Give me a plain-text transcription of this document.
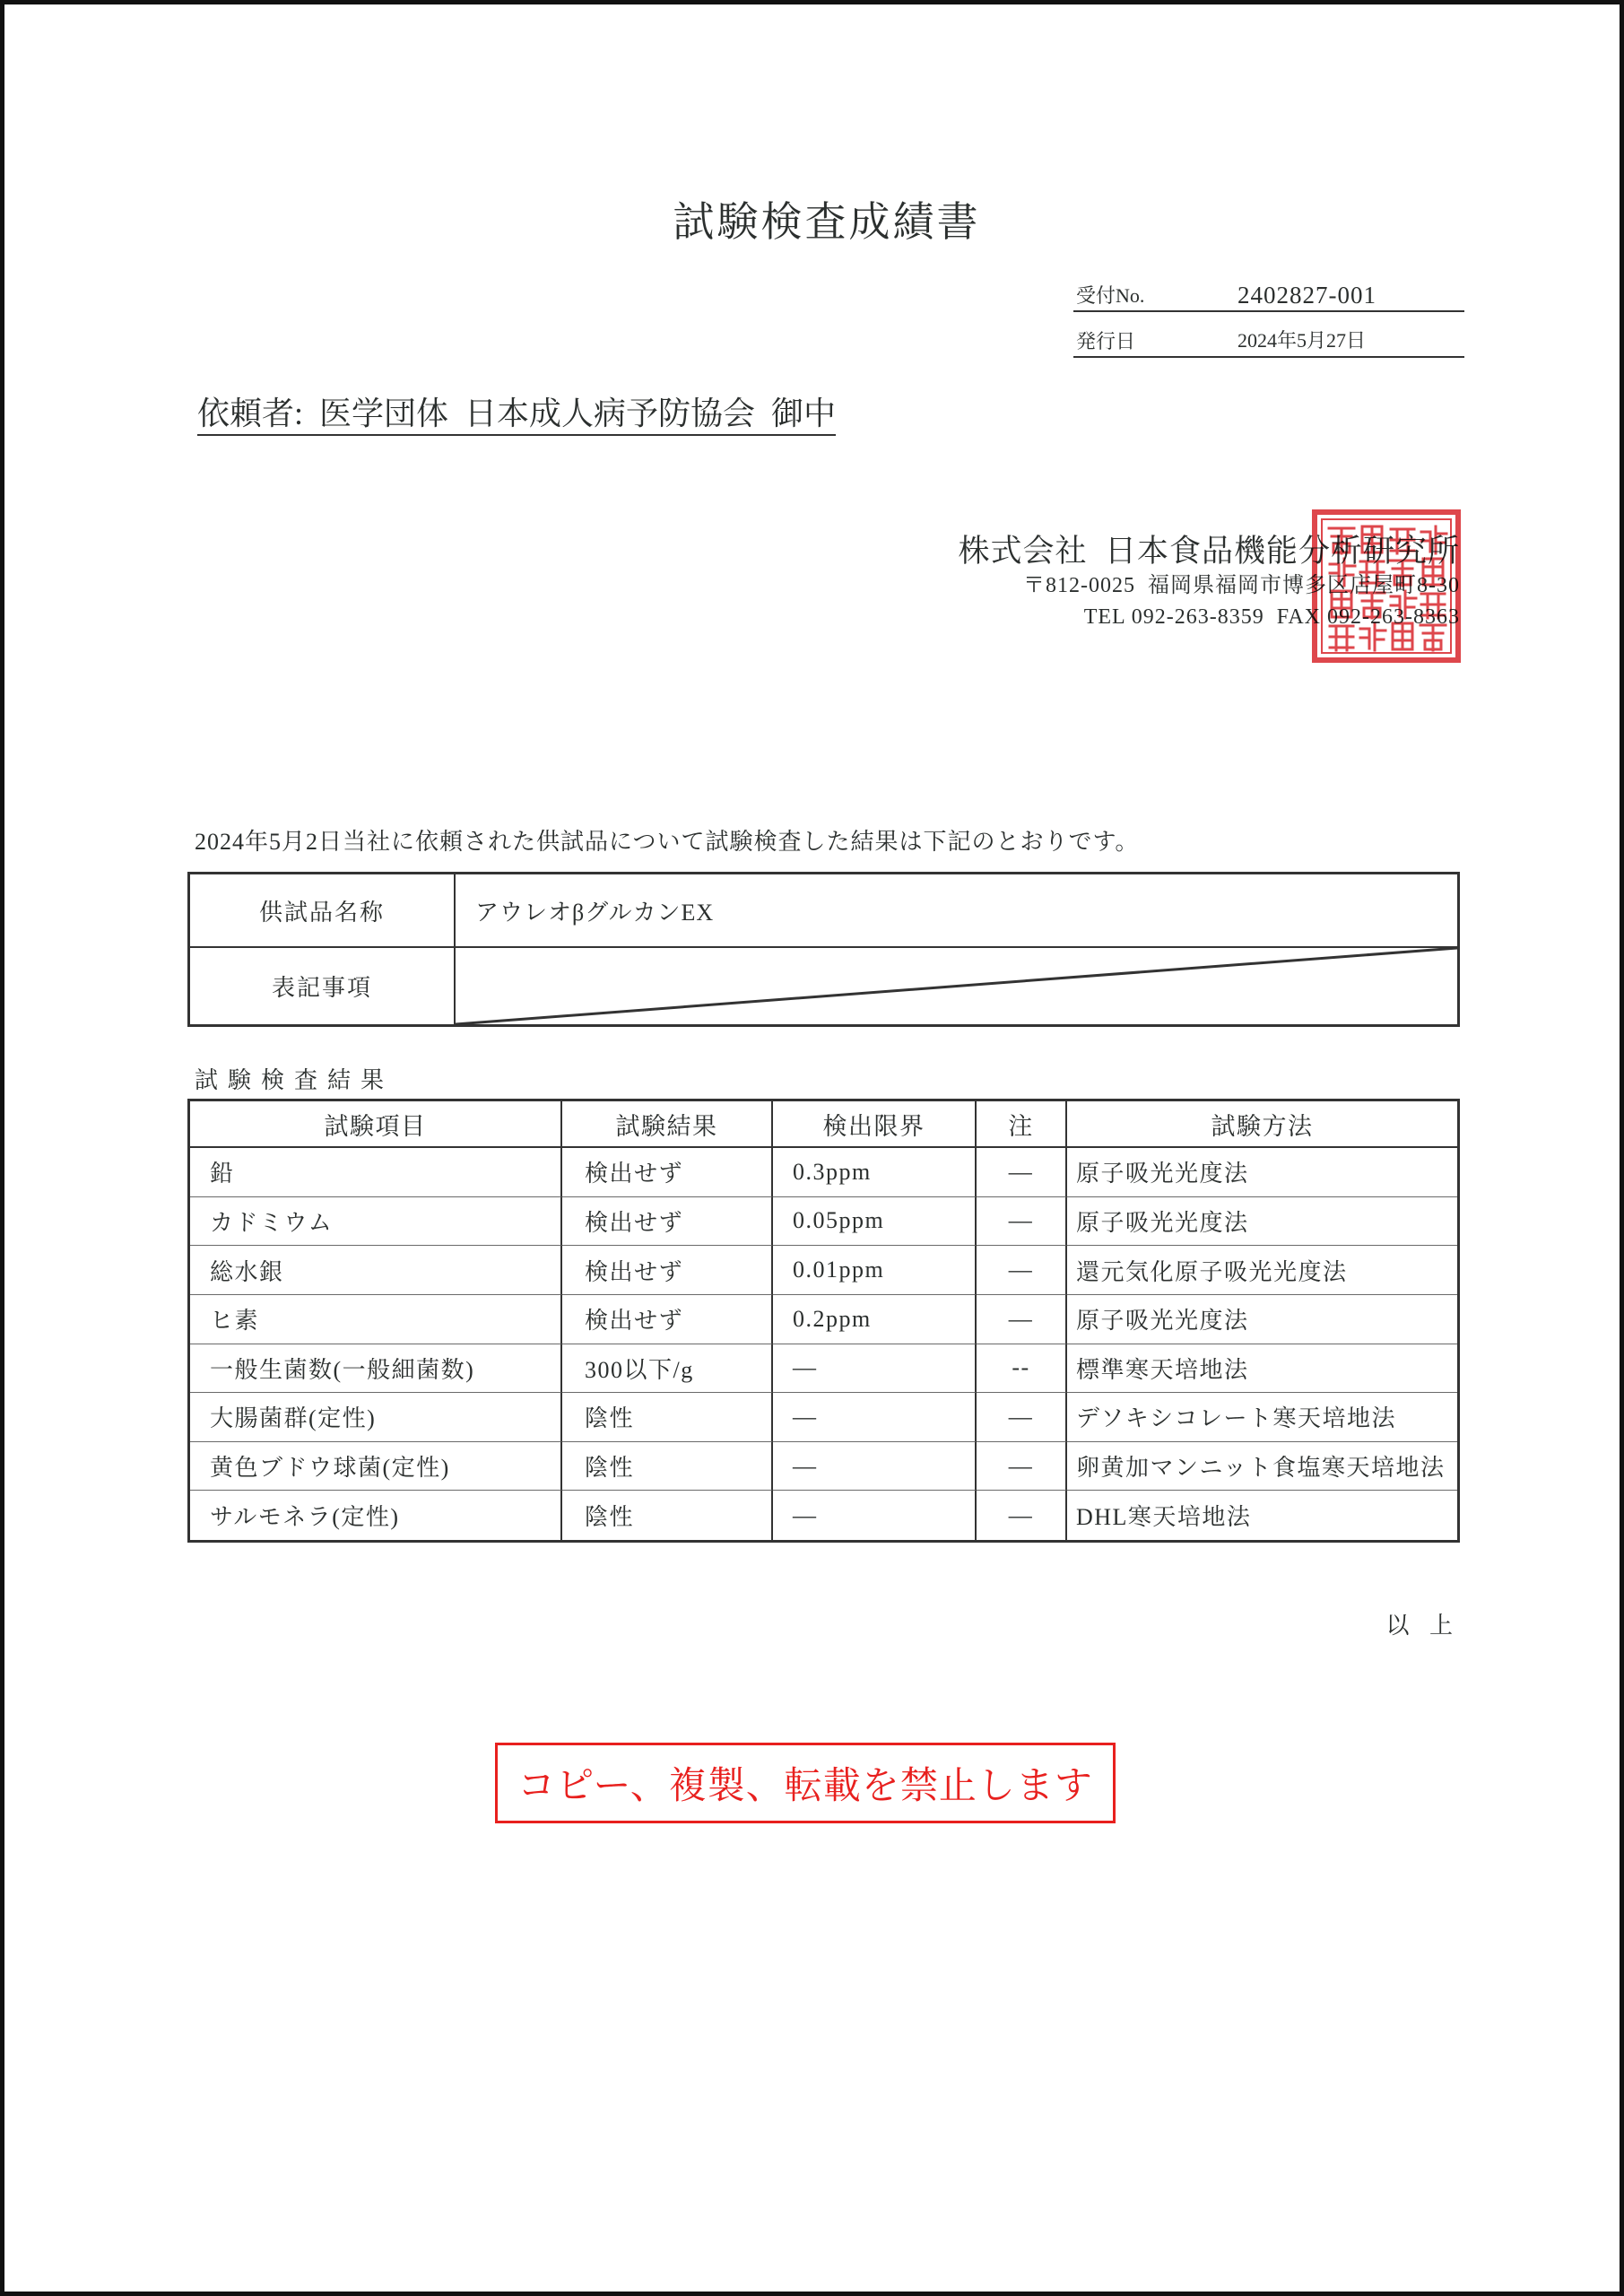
試験検査成績書
受付No.	2402827-001
発行日	2024年5月27日
依頼者:  医学団体  日本成人病予防協会  御中
株式会社  日本食品機能分析研究所
〒812-0025  福岡県福岡市博多区店屋町8-30
TEL 092-263-8359  FAX 092-263-8363
2024年5月2日当社に依頼された供試品について試験検査した結果は下記のとおりです。
供試品名称	アウレオβグルカンEX
表記事項
試験検査結果
試験項目	試験結果	検出限界	注	試験方法
鉛	検出せず	0.3ppm	—	原子吸光光度法
カドミウム	検出せず	0.05ppm	—	原子吸光光度法
総水銀	検出せず	0.01ppm	—	還元気化原子吸光光度法
ヒ素	検出せず	0.2ppm	—	原子吸光光度法
一般生菌数(一般細菌数)	300以下/g	—	--	標準寒天培地法
大腸菌群(定性)	陰性	—	—	デソキシコレート寒天培地法
黄色ブドウ球菌(定性)	陰性	—	—	卵黄加マンニット食塩寒天培地法
サルモネラ(定性)	陰性	—	—	DHL寒天培地法
以 上
コピー、複製、転載を禁止します
